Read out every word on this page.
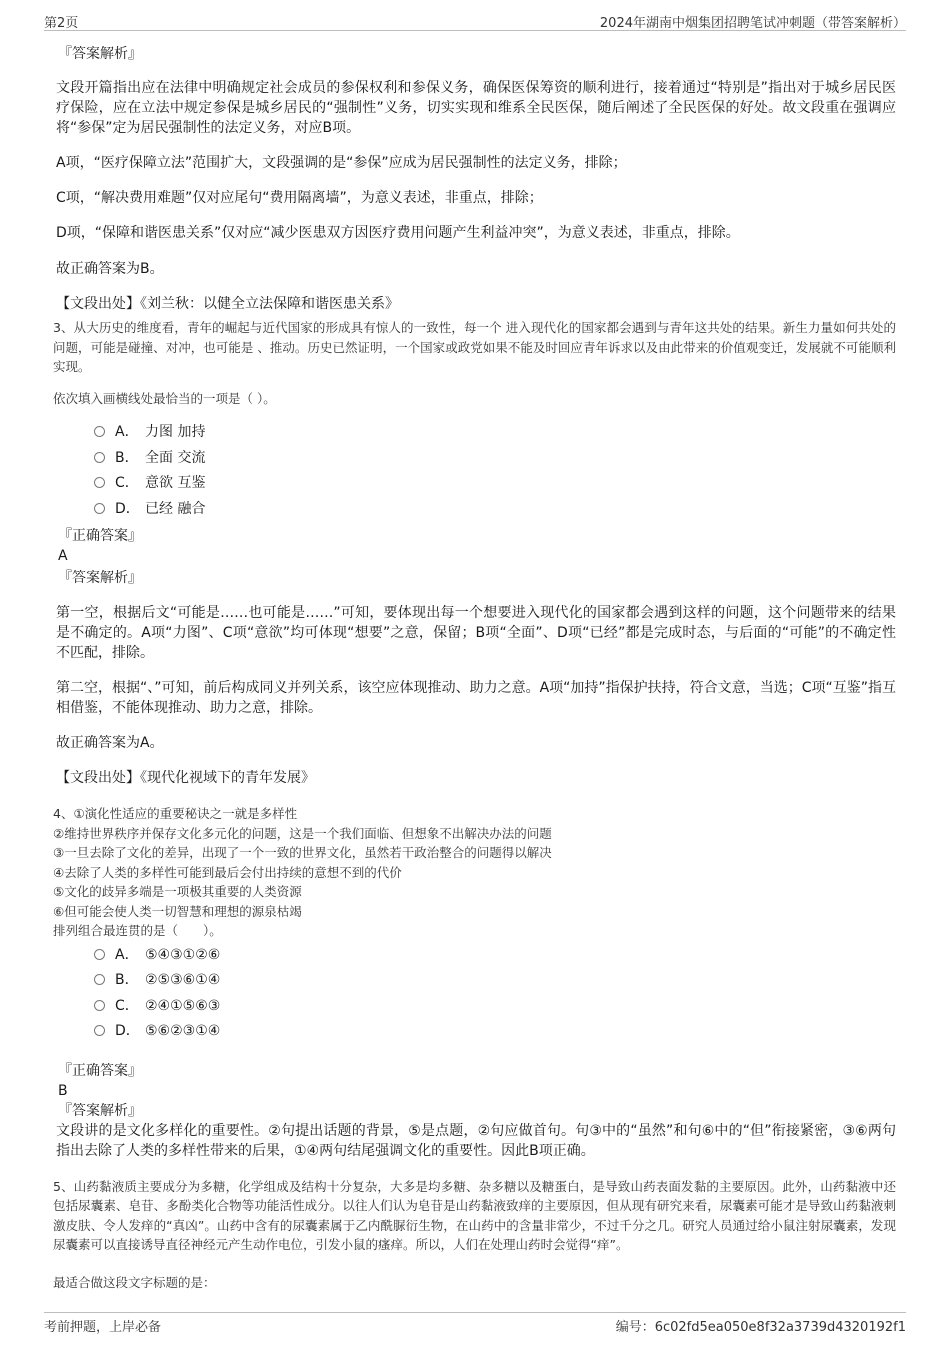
第2页	2024年湖南中烟集团招聘笔试冲刺题（带答案解析）

『答案解析』

文段开篇指出应在法律中明确规定社会成员的参保权利和参保义务，确保医保筹资的顺利进行，接着通过“特别是”指出对于城乡居民医疗保险，应在立法中规定参保是城乡居民的“强制性”义务，切实实现和维系全民医保，随后阐述了全民医保的好处。故文段重在强调应将“参保”定为居民强制性的法定义务，对应B项。

A项，“医疗保障立法”范围扩大，文段强调的是“参保”应成为居民强制性的法定义务，排除；

C项，“解决费用难题”仅对应尾句“费用隔离墙”，为意义表述，非重点，排除；

D项，“保障和谐医患关系”仅对应“减少医患双方因医疗费用问题产生利益冲突”，为意义表述，非重点，排除。

故正确答案为B。

【文段出处】《刘兰秋：以健全立法保障和谐医患关系》

3、从大历史的维度看，青年的崛起与近代国家的形成具有惊人的一致性，每一个 进入现代化的国家都会遇到与青年这共处的结果。新生力量如何共处的问题，可能是碰撞、对冲，也可能是 、推动。历史已然证明，一个国家或政党如果不能及时回应青年诉求以及由此带来的价值观变迁，发展就不可能顺利实现。

依次填入画横线处最恰当的一项是（ ）。

A． 力图 加持
B． 全面 交流
C． 意欲 互鉴
D． 已经 融合

『正确答案』

A

『答案解析』

第一空，根据后文“可能是……也可能是……”可知，要体现出每一个想要进入现代化的国家都会遇到这样的问题，这个问题带来的结果是不确定的。A项“力图”、C项“意欲”均可体现“想要”之意，保留；B项“全面”、D项“已经”都是完成时态，与后面的“可能”的不确定性不匹配，排除。

第二空，根据“、”可知，前后构成同义并列关系，该空应体现推动、助力之意。A项“加持”指保护扶持，符合文意，当选；C项“互鉴”指互相借鉴，不能体现推动、助力之意，排除。

故正确答案为A。

【文段出处】《现代化视域下的青年发展》

4、①演化性适应的重要秘诀之一就是多样性

②维持世界秩序并保存文化多元化的问题，这是一个我们面临、但想象不出解决办法的问题

③一旦去除了文化的差异，出现了一个一致的世界文化，虽然若干政治整合的问题得以解决

④去除了人类的多样性可能到最后会付出持续的意想不到的代价

⑤文化的歧异多端是一项极其重要的人类资源

⑥但可能会使人类一切智慧和理想的源泉枯竭

排列组合最连贯的是（　　）。

A． ⑤④③①②⑥
B． ②⑤③⑥①④
C． ②④①⑤⑥③
D． ⑤⑥②③①④

『正确答案』

B

『答案解析』

文段讲的是文化多样化的重要性。②句提出话题的背景，⑤是点题，②句应做首句。句③中的“虽然”和句⑥中的“但”衔接紧密，③⑥两句指出去除了人类的多样性带来的后果，①④两句结尾强调文化的重要性。因此B项正确。

5、山药黏液质主要成分为多糖，化学组成及结构十分复杂，大多是均多糖、杂多糖以及糖蛋白，是导致山药表面发黏的主要原因。此外，山药黏液中还包括尿囊素、皂苷、多酚类化合物等功能活性成分。以往人们认为皂苷是山药黏液致痒的主要原因，但从现有研究来看，尿囊素可能才是导致山药黏液刺激皮肤、令人发痒的“真凶”。山药中含有的尿囊素属于乙内酰脲衍生物，在山药中的含量非常少，不过千分之几。研究人员通过给小鼠注射尿囊素，发现尿囊素可以直接诱导直径神经元产生动作电位，引发小鼠的瘙痒。所以，人们在处理山药时会觉得“痒”。

最适合做这段文字标题的是：

考前押题，上岸必备	编号：6c02fd5ea050e8f32a3739d4320192f1
